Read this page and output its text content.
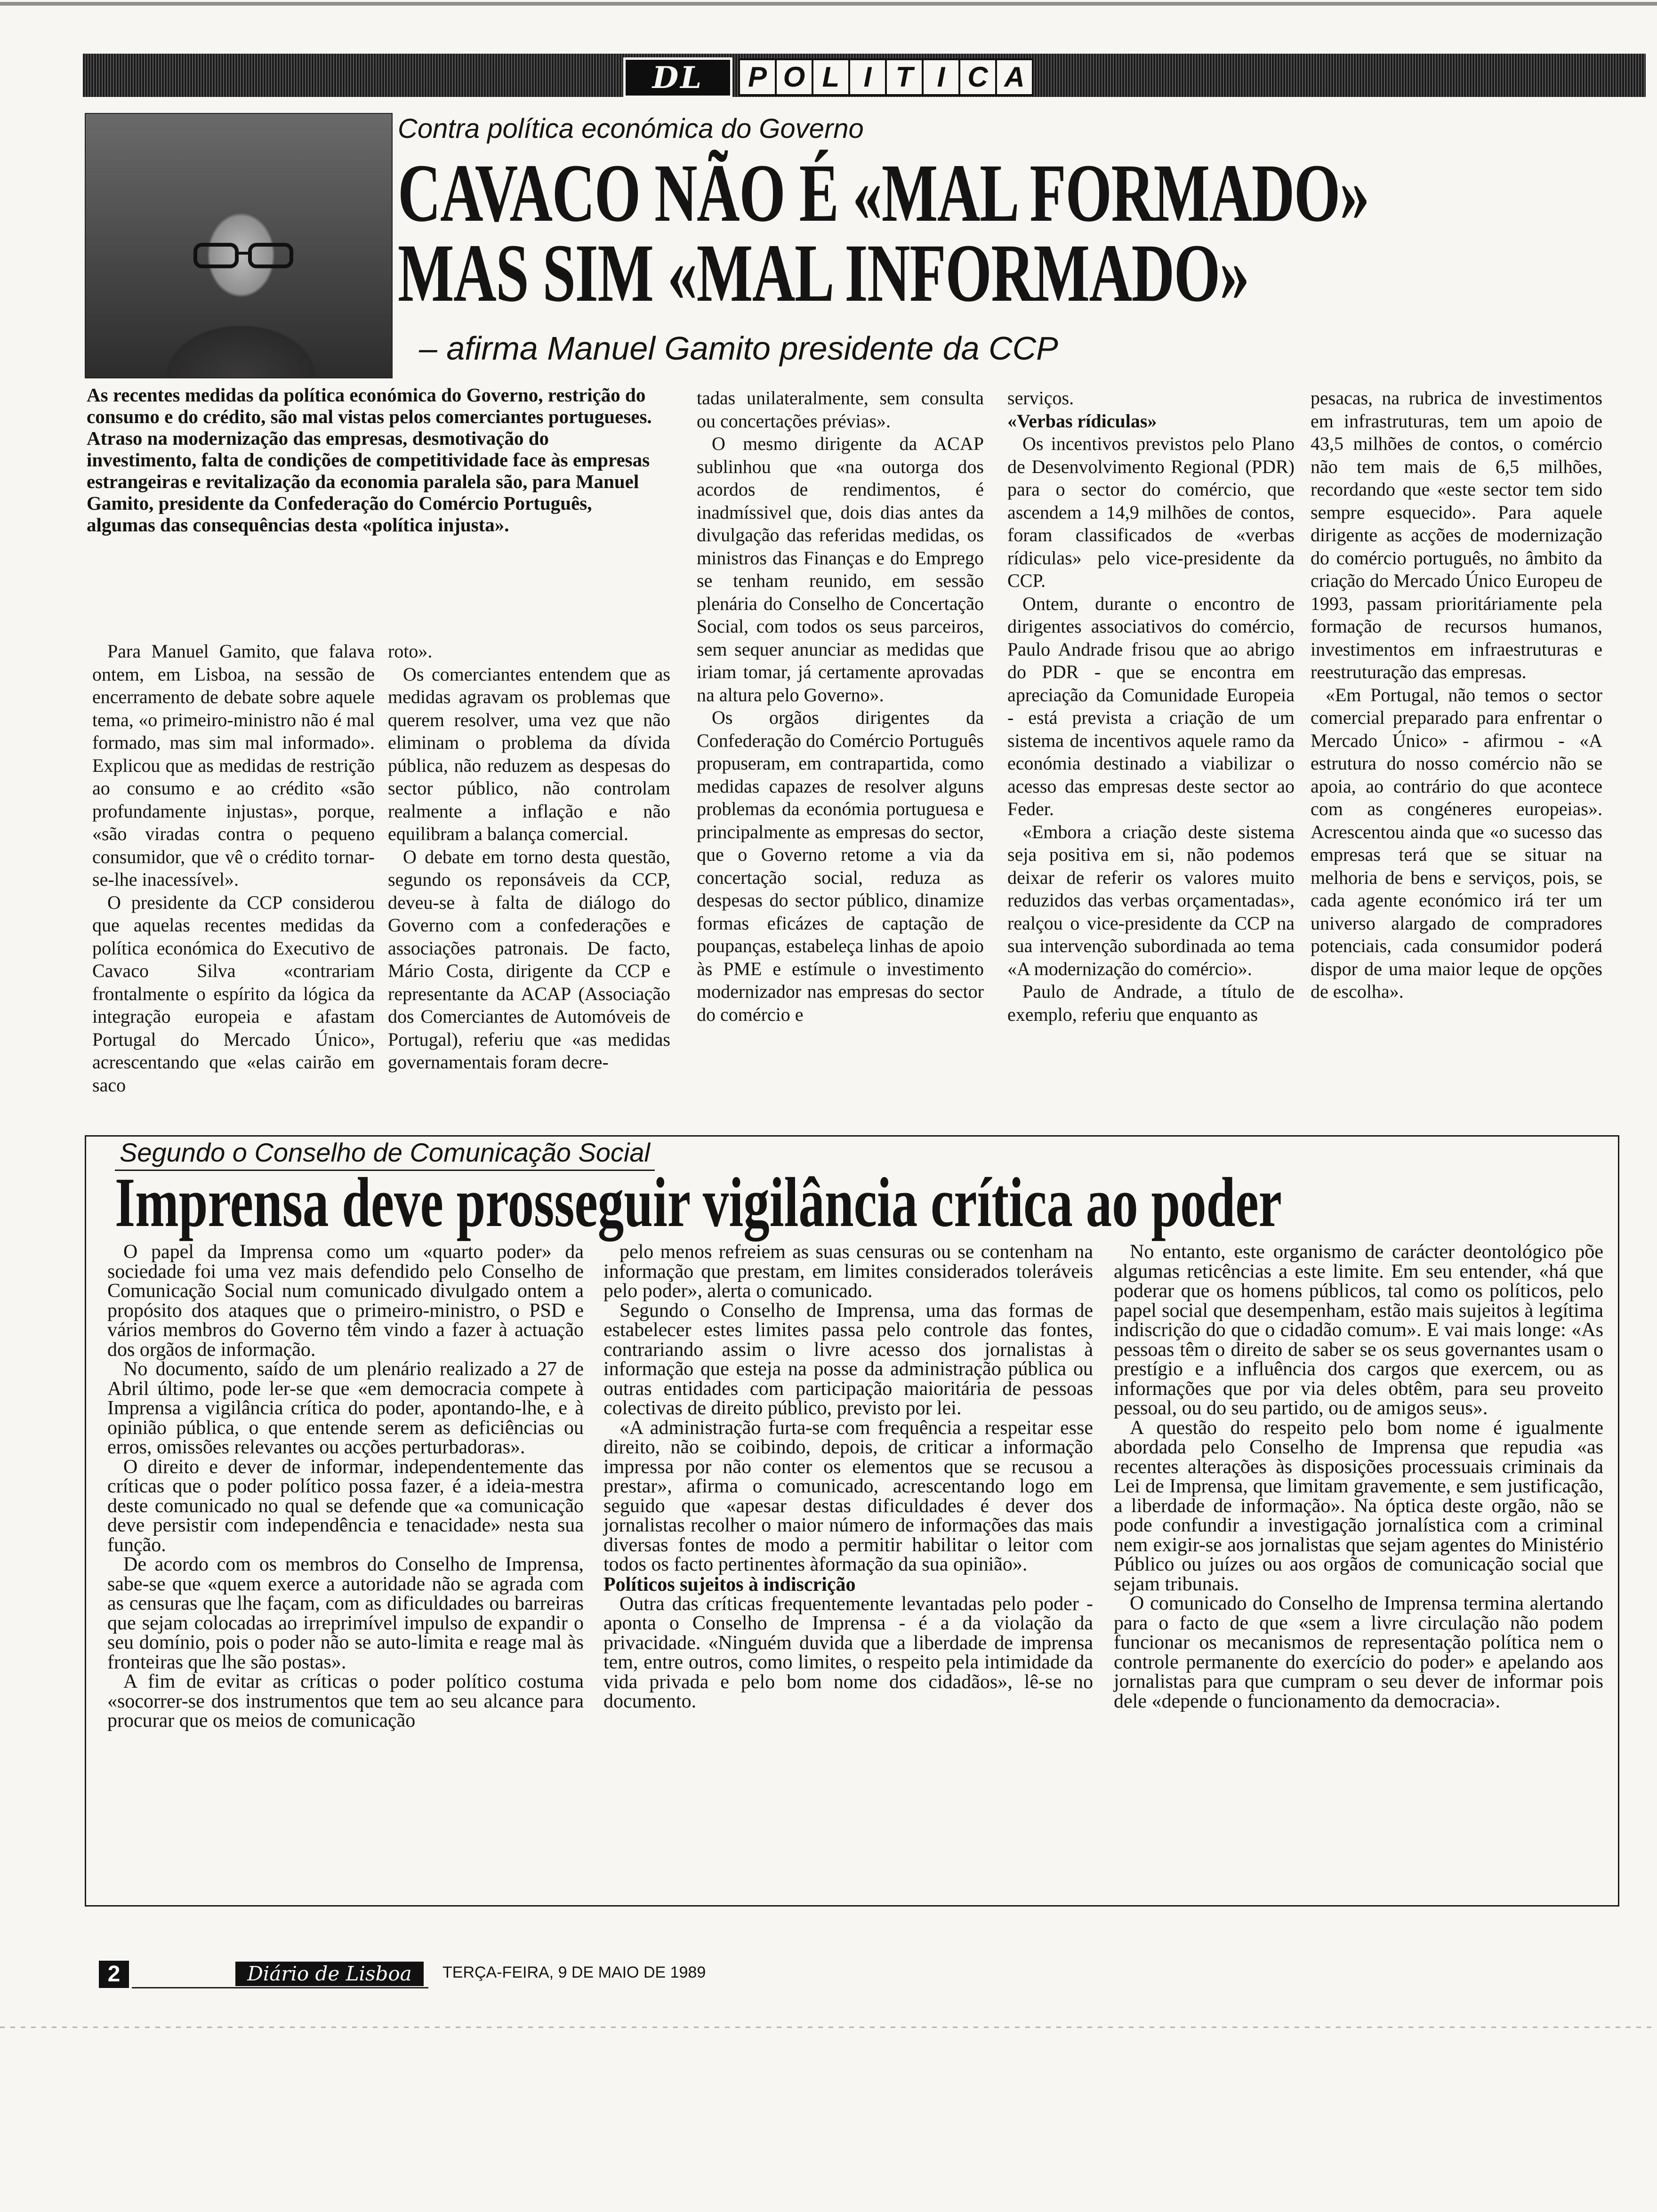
DL	P O L I T I C A
Contra política económica do Governo
CAVACO NÃO É «MAL FORMADO»
MAS SIM «MAL INFORMADO»
– afirma Manuel Gamito presidente da CCP
As recentes medidas da política económica do Governo, restrição do consumo e do crédito, são mal vistas pelos comerciantes portugueses. Atraso na modernização das empresas, desmotivação do investimento, falta de condições de competitividade face às empresas estrangeiras e revitalização da economia paralela são, para Manuel Gamito, presidente da Confederação do Comércio Português, algumas das consequências desta «política injusta».

Para Manuel Gamito, que falava ontem, em Lisboa, na sessão de encerramento de debate sobre aquele tema, «o primeiro-ministro não é mal formado, mas sim mal informado». Explicou que as medidas de restrição ao consumo e ao crédito «são profundamente injustas», porque, «são viradas contra o pequeno consumidor, que vê o crédito tornar-se-lhe inacessível».

O presidente da CCP considerou que aquelas recentes medidas da política económica do Executivo de Cavaco Silva «contrariam frontalmente o espírito da lógica da integração europeia e afastam Portugal do Mercado Único», acrescentando que «elas cairão em saco

roto».

Os comerciantes entendem que as medidas agravam os problemas que querem resolver, uma vez que não eliminam o problema da dívida pública, não reduzem as despesas do sector público, não controlam realmente a inflação e não equilibram a balança comercial.

O debate em torno desta questão, segundo os reponsáveis da CCP, deveu-se à falta de diálogo do Governo com a confederações e associações patronais. De facto, Mário Costa, dirigente da CCP e representante da ACAP (Associação dos Comerciantes de Automóveis de Portugal), referiu que «as medidas governamentais foram decre-

tadas unilateralmente, sem consulta ou concertações prévias».

O mesmo dirigente da ACAP sublinhou que «na outorga dos acordos de rendimentos, é inadmíssivel que, dois dias antes da divulgação das referidas medidas, os ministros das Finanças e do Emprego se tenham reunido, em sessão plenária do Conselho de Concertação Social, com todos os seus parceiros, sem sequer anunciar as medidas que iriam tomar, já certamente aprovadas na altura pelo Governo».

Os orgãos dirigentes da Confederação do Comércio Português propuseram, em contrapartida, como medidas capazes de resolver alguns problemas da económia portuguesa e principalmente as empresas do sector, que o Governo retome a via da concertação social, reduza as despesas do sector público, dinamize formas eficázes de captação de poupanças, estabeleça linhas de apoio às PME e estímule o investimento modernizador nas empresas do sector do comércio e

serviços.

«Verbas rídiculas»

Os incentivos previstos pelo Plano de Desenvolvimento Regional (PDR) para o sector do comércio, que ascendem a 14,9 milhões de contos, foram classificados de «verbas rídiculas» pelo vice-presidente da CCP.

Ontem, durante o encontro de dirigentes associativos do comércio, Paulo Andrade frisou que ao abrigo do PDR - que se encontra em apreciação da Comunidade Europeia - está prevista a criação de um sistema de incentivos aquele ramo da económia destinado a viabilizar o acesso das empresas deste sector ao Feder.

«Embora a criação deste sistema seja positiva em si, não podemos deixar de referir os valores muito reduzidos das verbas orçamentadas», realçou o vice-presidente da CCP na sua intervenção subordinada ao tema «A modernização do comércio».

Paulo de Andrade, a título de exemplo, referiu que enquanto as

pesacas, na rubrica de investimentos em infrastruturas, tem um apoio de 43,5 milhões de contos, o comércio não tem mais de 6,5 milhões, recordando que «este sector tem sido sempre esquecido». Para aquele dirigente as acções de modernização do comércio português, no âmbito da criação do Mercado Único Europeu de 1993, passam prioritáriamente pela formação de recursos humanos, investimentos em infraestruturas e reestruturação das empresas.

«Em Portugal, não temos o sector comercial preparado para enfrentar o Mercado Único» - afirmou - «A estrutura do nosso comércio não se apoia, ao contrário do que acontece com as congéneres europeias». Acrescentou ainda que «o sucesso das empresas terá que se situar na melhoria de bens e serviços, pois, se cada agente económico irá ter um universo alargado de compradores potenciais, cada consumidor poderá dispor de uma maior leque de opções de escolha».

Segundo o Conselho de Comunicação Social
Imprensa deve prosseguir vigilância crítica ao poder

O papel da Imprensa como um «quarto poder» da sociedade foi uma vez mais defendido pelo Conselho de Comunicação Social num comunicado divulgado ontem a propósito dos ataques que o primeiro-ministro, o PSD e vários membros do Governo têm vindo a fazer à actuação dos orgãos de informação.

No documento, saído de um plenário realizado a 27 de Abril último, pode ler-se que «em democracia compete à Imprensa a vigilância crítica do poder, apontando-lhe, e à opinião pública, o que entende serem as deficiências ou erros, omissões relevantes ou acções perturbadoras».

O direito e dever de informar, independentemente das críticas que o poder político possa fazer, é a ideia-mestra deste comunicado no qual se defende que «a comunicação deve persistir com independência e tenacidade» nesta sua função.

De acordo com os membros do Conselho de Imprensa, sabe-se que «quem exerce a autoridade não se agrada com as censuras que lhe façam, com as dificuldades ou barreiras que sejam colocadas ao irreprimível impulso de expandir o seu domínio, pois o poder não se auto-limita e reage mal às fronteiras que lhe são postas».

A fim de evitar as críticas o poder político costuma «socorrer-se dos instrumentos que tem ao seu alcance para procurar que os meios de comunicação

pelo menos refreiem as suas censuras ou se contenham na informação que prestam, em limites considerados toleráveis pelo poder», alerta o comunicado.

Segundo o Conselho de Imprensa, uma das formas de estabelecer estes limites passa pelo controle das fontes, contrariando assim o livre acesso dos jornalistas à informação que esteja na posse da administração pública ou outras entidades com participação maioritária de pessoas colectivas de direito público, previsto por lei.

«A administração furta-se com frequência a respeitar esse direito, não se coibindo, depois, de criticar a informação impressa por não conter os elementos que se recusou a prestar», afirma o comunicado, acrescentando logo em seguido que «apesar destas dificuldades é dever dos jornalistas recolher o maior número de informações das mais diversas fontes de modo a permitir habilitar o leitor com todos os facto pertinentes àformação da sua opinião».

Políticos sujeitos à indiscrição

Outra das críticas frequentemente levantadas pelo poder - aponta o Conselho de Imprensa - é a da violação da privacidade. «Ninguém duvida que a liberdade de imprensa tem, entre outros, como limites, o respeito pela intimidade da vida privada e pelo bom nome dos cidadãos», lê-se no documento.

No entanto, este organismo de carácter deontológico põe algumas reticências a este limite. Em seu entender, «há que poderar que os homens públicos, tal como os políticos, pelo papel social que desempenham, estão mais sujeitos à legítima indiscrição do que o cidadão comum». E vai mais longe: «As pessoas têm o direito de saber se os seus governantes usam o prestígio e a influência dos cargos que exercem, ou as informações que por via deles obtêm, para seu proveito pessoal, ou do seu partido, ou de amigos seus».

A questão do respeito pelo bom nome é igualmente abordada pelo Conselho de Imprensa que repudia «as recentes alterações às disposições processuais criminais da Lei de Imprensa, que limitam gravemente, e sem justificação, a liberdade de informação». Na óptica deste orgão, não se pode confundir a investigação jornalística com a criminal nem exigir-se aos jornalistas que sejam agentes do Ministério Público ou juízes ou aos orgãos de comunicação social que sejam tribunais.

O comunicado do Conselho de Imprensa termina alertando para o facto de que «sem a livre circulação não podem funcionar os mecanismos de representação política nem o controle permanente do exercício do poder» e apelando aos jornalistas para que cumpram o seu dever de informar pois dele «depende o funcionamento da democracia».

2	Diário de Lisboa	TERÇA-FEIRA, 9 DE MAIO DE 1989
